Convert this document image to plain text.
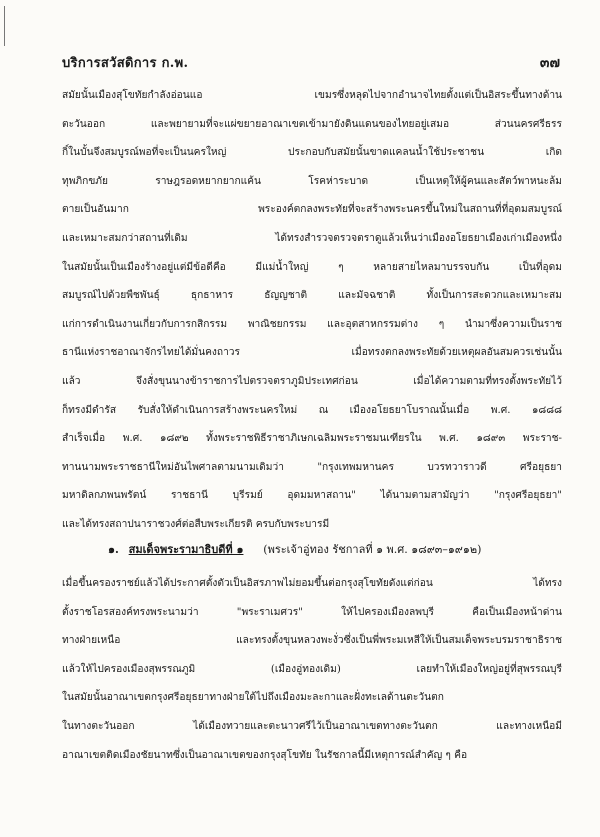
บริการสวัสดิการ ก.พ.	๓๗
สมัยนั้นเมืองสุโขทัยกำลังอ่อนแอ เขมรซึ่งหลุดไปจากอำนาจไทยตั้งแต่เป็นอิสระขึ้นทางด้าน
ตะวันออก และพยายามที่จะแผ่ขยายอาณาเขตเข้ามายังดินแดนของไทยอยู่เสมอ ส่วนนครศรีธรร
กิ์ในบั้นจึงสมบูรณ์พอที่จะเป็นนครใหญ่ ประกอบกับสมัยนั้นขาดแคลนน้ำใช้ประชาชน เกิด
ทุพภิกขภัย ราษฎรอดหยากยากแค้น โรคห่าระบาด เป็นเหตุให้ผู้คนและสัตว์พาหนะล้ม
ตายเป็นอันมาก พระองค์ตกลงพระทัยที่จะสร้างพระนครขึ้นใหม่ในสถานที่ที่อุดมสมบูรณ์
และเหมาะสมกว่าสถานที่เดิม ได้ทรงสำรวจตรวจตราดูแล้วเห็นว่าเมืองอโยธยาเมืองเก่าเมืองหนึ่ง
ในสมัยนั้นเป็นเมืองร้างอยู่แต่มีข้อดีคือ มีแม่น้ำใหญ่ ๆ หลายสายไหลมาบรรจบกัน เป็นที่อุดม
สมบูรณ์ไปด้วยพืชพันธุ์ ธุกธาหาร ธัญญชาติ และมัจฉชาติ ทั้งเป็นการสะดวกและเหมาะสม
แก่การดำเนินงานเกี่ยวกับการกสิกรรม พาณิชยกรรม และอุตสาหกรรมต่าง ๆ นำมาซึ่งความเป็นราช
ธานีแห่งราชอาณาจักรไทยได้มั่นคงถาวร เมื่อทรงตกลงพระทัยด้วยเหตุผลอันสมควรเช่นนั้น
แล้ว จึงสั่งขุนนางข้าราชการไปตรวจตราภูมิประเทศก่อน เมื่อได้ความตามที่ทรงตั้งพระทัยไว้
ก็ทรงมีดำรัส รับสั่งให้ดำเนินการสร้างพระนครใหม่ ณ เมืองอโยธยาโบราณนั้นเมื่อ พ.ศ. ๑๘๘๘
สำเร็จเมื่อ พ.ศ. ๑๘๙๒ ทั้งพระราชพิธีราชาภิเษกเฉลิมพระราชมนเฑียรใน พ.ศ. ๑๘๙๓ พระราช-
ทานนามพระราชธานีใหม่อันไพศาลตามนามเดิมว่า "กรุงเทพมหานคร บวรทวาราวดี ศรีอยุธยา
มหาดิลกภพนพรัตน์ ราชธานี บุรีรมย์ อุดมมหาสถาน" ได้นามตามสามัญว่า "กรุงศรีอยุธยา"
และได้ทรงสถาปนาราชวงศ์ต่อสืบพระเกียรติ ครบกับพระบารมี
๑. สมเด็จพระรามาธิบดีที่ ๑ (พระเจ้าอู่ทอง รัชกาลที่ ๑ พ.ศ. ๑๘๙๓–๑๙๑๒)
เมื่อขึ้นครองราชย์แล้วได้ประกาศตั้งตัวเป็นอิสรภาพไม่ยอมขึ้นต่อกรุงสุโขทัยดังแต่ก่อน ได้ทรง
ตั้งราชโอรสองค์ทรงพระนามว่า "พระราเมศวร" ให้ไปครองเมืองลพบุรี คือเป็นเมืองหน้าด่าน
ทางฝ่ายเหนือ และทรงตั้งขุนหลวงพะงั่วซึ่งเป็นพี่พระมเหสีให้เป็นสมเด็จพระบรมราชาธิราช
แล้วให้ไปครองเมืองสุพรรณภูมิ (เมืองอู่ทองเดิม) เลยทำให้เมืองใหญ่อยู่ที่สุพรรณบุรี
ในสมัยนั้นอาณาเขตกรุงศรีอยุธยาทางฝ่ายใต้ไปถึงเมืองมะละกาและฝั่งทะเลด้านตะวันตก
ในทางตะวันออก ได้เมืองทวายและตะนาวศรีไว้เป็นอาณาเขตทางตะวันตก และทางเหนือมี
อาณาเขตติดเมืองชัยนาทซึ่งเป็นอาณาเขตของกรุงสุโขทัย ในรัชกาลนี้มีเหตุการณ์สำคัญ ๆ คือ
